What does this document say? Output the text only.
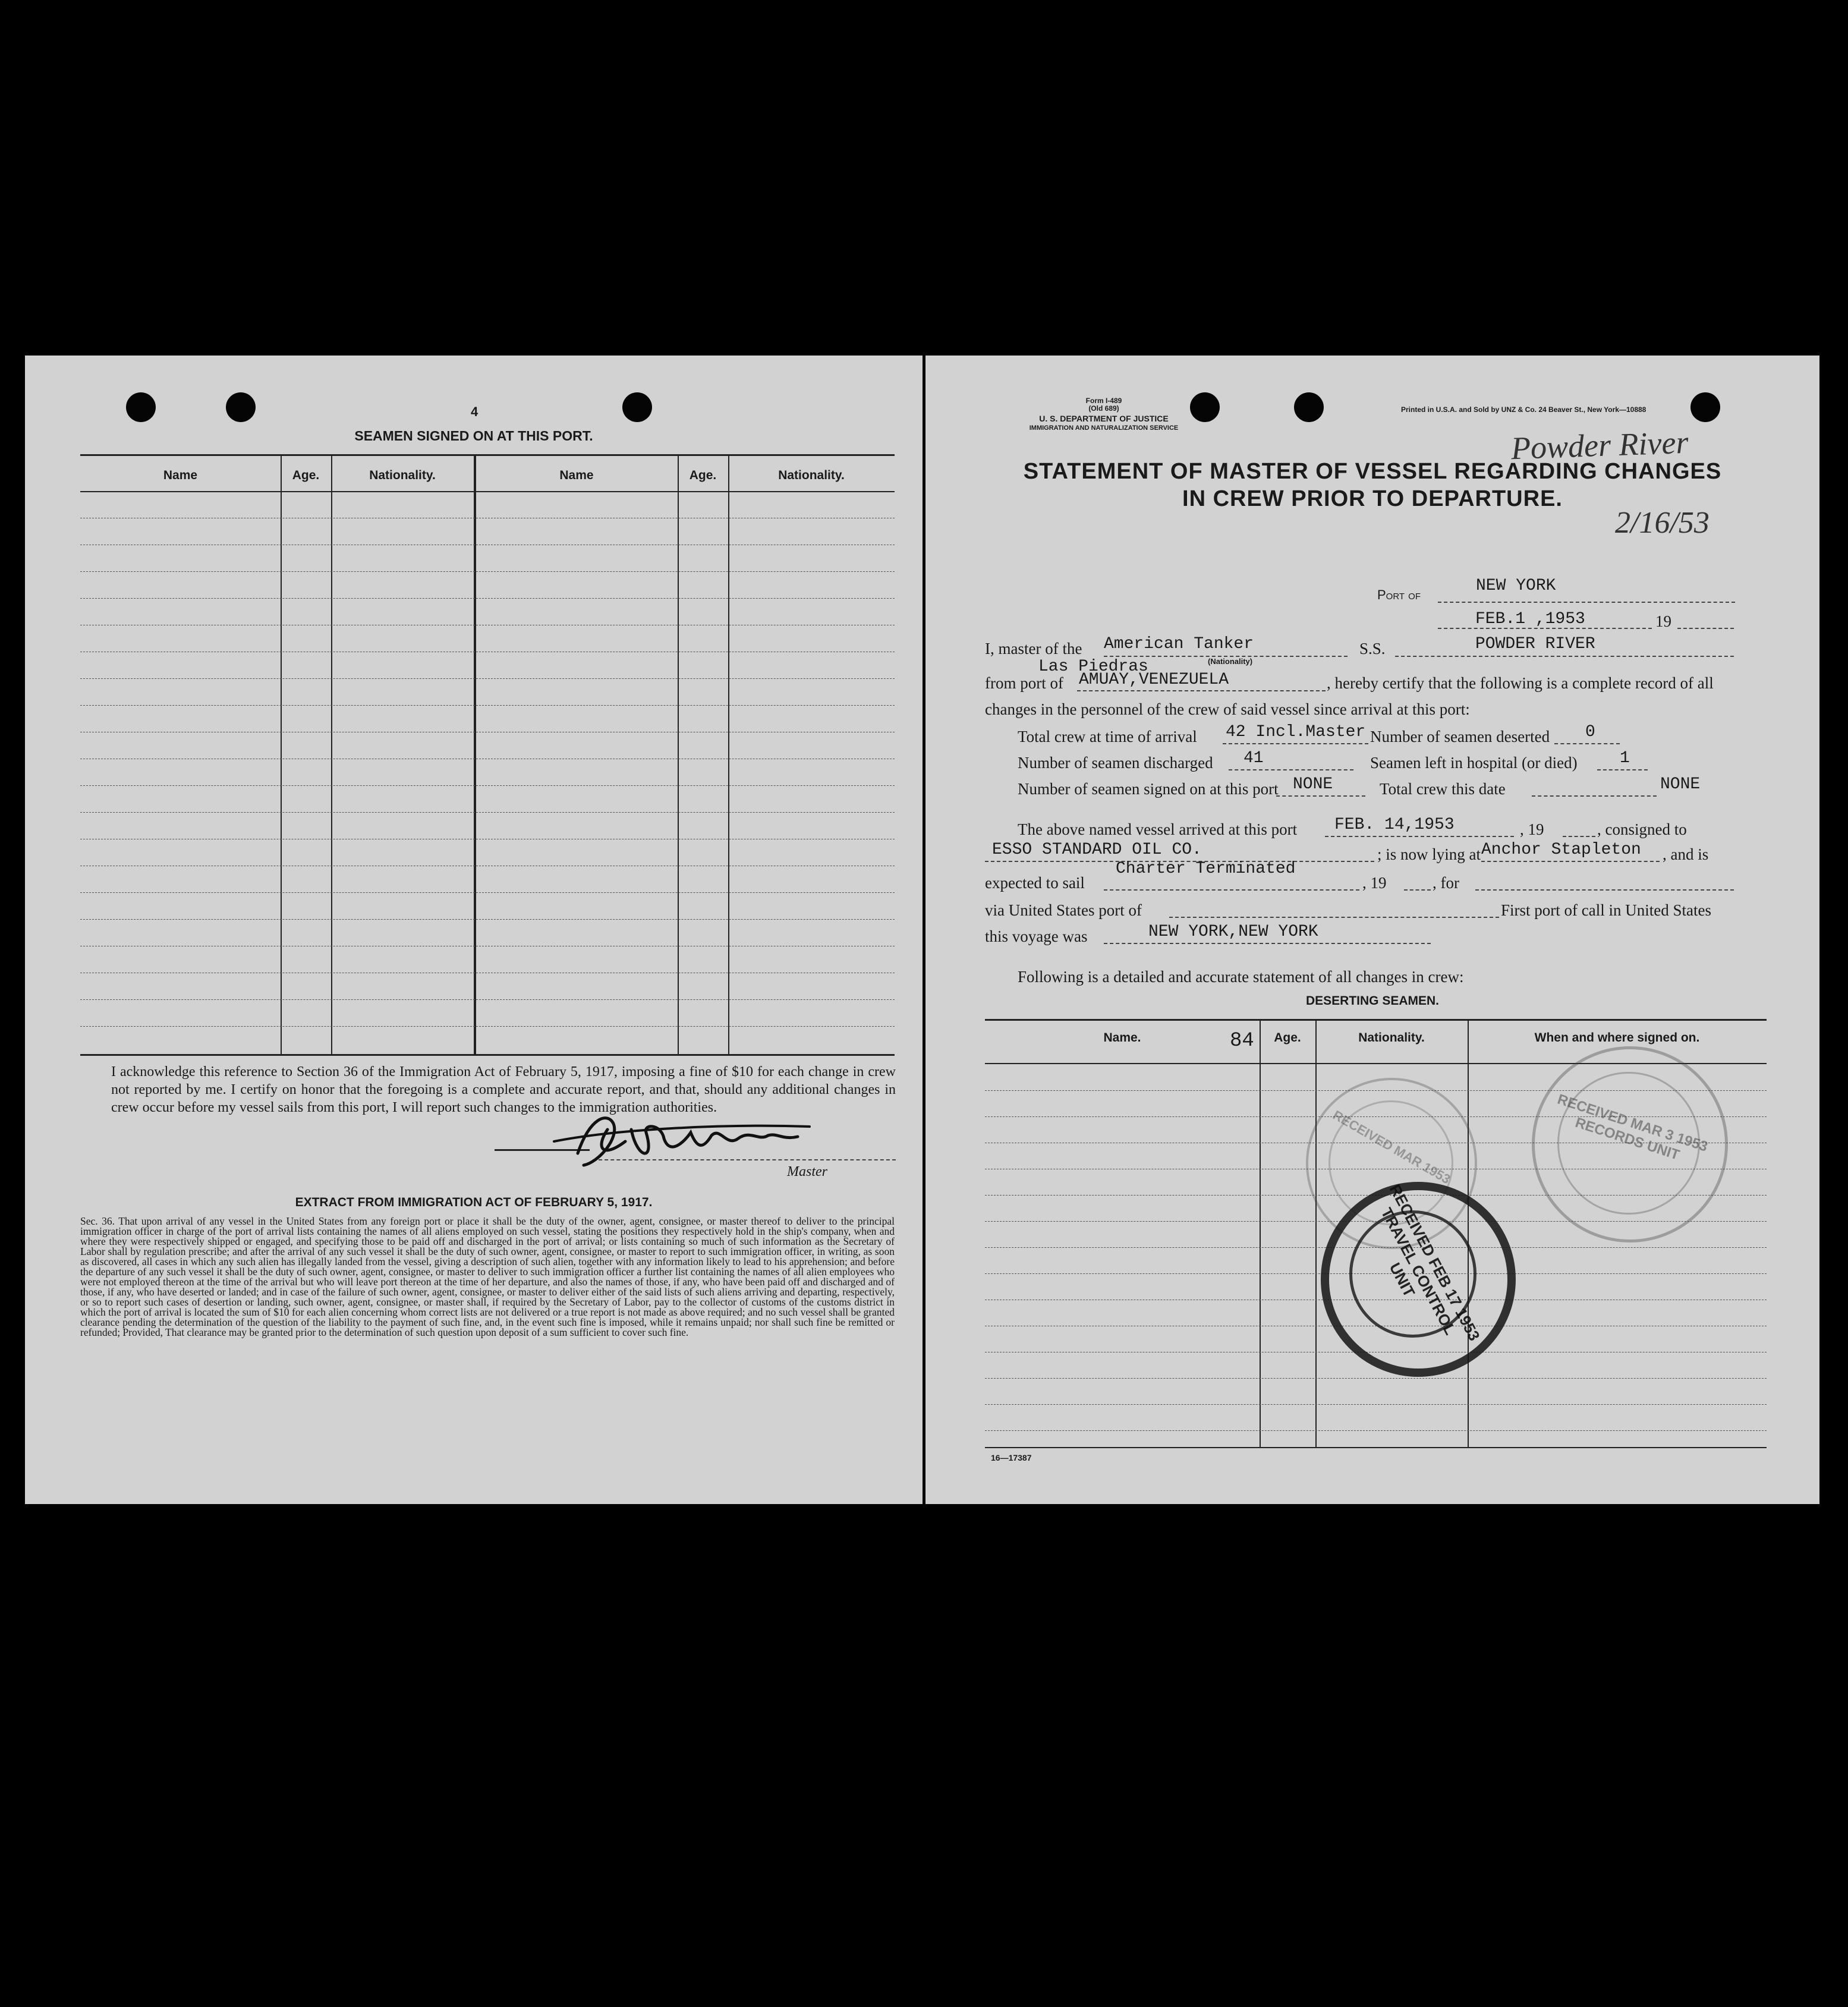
4
SEAMEN SIGNED ON AT THIS PORT.
Name	Age.	Nationality.	Name	Age.	Nationality.
I acknowledge this reference to Section 36 of the Immigration Act of February 5, 1917, imposing a fine of $10 for each change in crew not reported by me. I certify on honor that the foregoing is a complete and accurate report, and that, should any additional changes in crew occur before my vessel sails from this port, I will report such changes to the immigration authorities.
Master
EXTRACT FROM IMMIGRATION ACT OF FEBRUARY 5, 1917.
Sec. 36. That upon arrival of any vessel in the United States from any foreign port or place it shall be the duty of the owner, agent, consignee, or master thereof to deliver to the principal immigration officer in charge of the port of arrival lists containing the names of all aliens employed on such vessel, stating the positions they respectively hold in the ship's company, when and where they were respectively shipped or engaged, and specifying those to be paid off and discharged in the port of arrival; or lists containing so much of such information as the Secretary of Labor shall by regulation prescribe; and after the arrival of any such vessel it shall be the duty of such owner, agent, consignee, or master to report to such immigration officer, in writing, as soon as discovered, all cases in which any such alien has illegally landed from the vessel, giving a description of such alien, together with any information likely to lead to his apprehension; and before the departure of any such vessel it shall be the duty of such owner, agent, consignee, or master to deliver to such immigration officer a further list containing the names of all alien employees who were not employed thereon at the time of the arrival but who will leave port thereon at the time of her departure, and also the names of those, if any, who have been paid off and discharged and of those, if any, who have deserted or landed; and in case of the failure of such owner, agent, consignee, or master to deliver either of the said lists of such aliens arriving and departing, respectively, or so to report such cases of desertion or landing, such owner, agent, consignee, or master shall, if required by the Secretary of Labor, pay to the collector of customs of the customs district in which the port of arrival is located the sum of $10 for each alien concerning whom correct lists are not delivered or a true report is not made as above required; and no such vessel shall be granted clearance pending the determination of the question of the liability to the payment of such fine, and, in the event such fine is imposed, while it remains unpaid; nor shall such fine be remitted or refunded; Provided, That clearance may be granted prior to the determination of such question upon deposit of a sum sufficient to cover such fine.
Form I-489
(Old 689)
U. S. DEPARTMENT OF JUSTICE
IMMIGRATION AND NATURALIZATION SERVICE
Printed in U.S.A. and Sold by UNZ & Co. 24 Beaver St., New York—10888
STATEMENT OF MASTER OF VESSEL REGARDING CHANGES
IN CREW PRIOR TO DEPARTURE.
Powder River
2/16/53
Port of	NEW YORK
FEB.1 ,1953	19
I, master of the American Tanker
(Nationality)
S.S.	POWDER RIVER
Las Piedras
from port of AMUAY,VENEZUELA	, hereby certify that the following is a complete record of all
changes in the personnel of the crew of said vessel since arrival at this port:
Total crew at time of arrival 42 Incl.Master Number of seamen deserted 0
Number of seamen discharged 41	Seamen left in hospital (or died)	1
Number of seamen signed on at this port NONE	Total crew this date	NONE
The above named vessel arrived at this port FEB. 14,1953	, 19	, consigned to
ESSO STANDARD OIL CO.	; is now lying at Anchor Stapleton , and is
expected to sail
Charter Terminated
, 19	, for
via United States port of	First port of call in United States
this voyage was	NEW YORK,NEW YORK
Following is a detailed and accurate statement of all changes in crew:
DESERTING SEAMEN.
Name.	Age.	Nationality.	When and where signed on.
84
RECEIVED MAR 3 1953 RECORDS UNIT
RECEIVED MAR 1953
RECEIVED FEB 17 1953 TRAVEL CONTROL UNIT
16—17387
